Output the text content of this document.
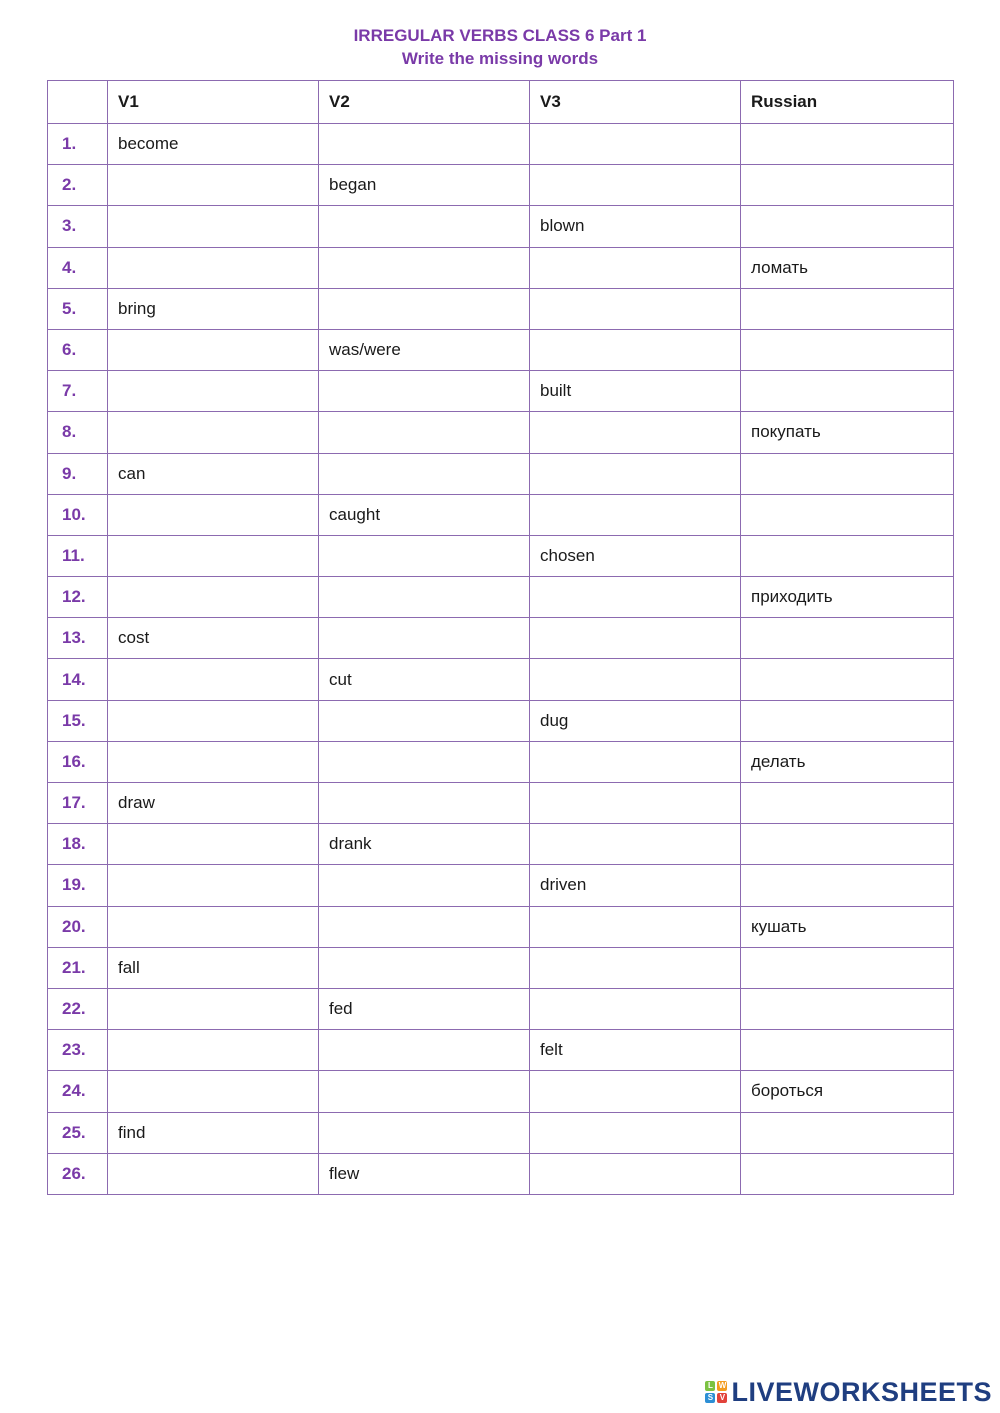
IRREGULAR VERBS CLASS 6 Part 1
Write the missing words
	V1	V2	V3	Russian
1.	become			
2.		began		
3.			blown	
4.				ломать
5.	bring			
6.		was/were		
7.			built	
8.				покупать
9.	can			
10.		caught		
11.			chosen	
12.				приходить
13.	cost			
14.		cut		
15.			dug	
16.				делать
17.	draw			
18.		drank		
19.			driven	
20.				кушать
21.	fall			
22.		fed		
23.			felt	
24.				бороться
25.	find			
26.		flew		
L W
S V LIVEWORKSHEETS
